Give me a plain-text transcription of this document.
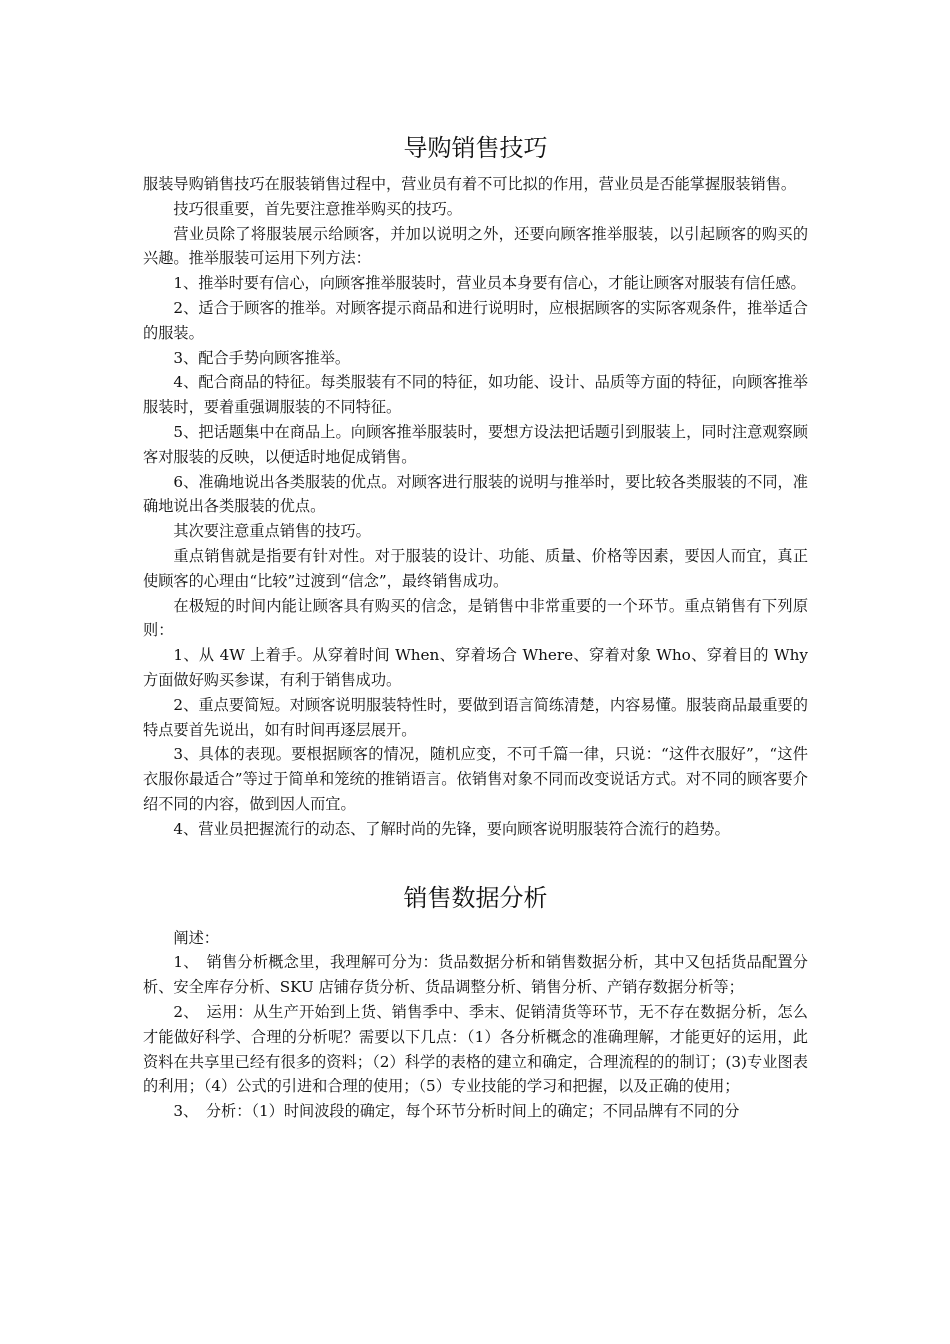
导购销售技巧

服装导购销售技巧在服装销售过程中，营业员有着不可比拟的作用，营业员是否能掌握服装销售。

技巧很重要，首先要注意推举购买的技巧。

营业员除了将服装展示给顾客，并加以说明之外，还要向顾客推举服装，以引起顾客的购买的兴趣。推举服装可运用下列方法：

1、推举时要有信心，向顾客推举服装时，营业员本身要有信心，才能让顾客对服装有信任感。

2、适合于顾客的推举。对顾客提示商品和进行说明时，应根据顾客的实际客观条件，推举适合的服装。

3、配合手势向顾客推举。

4、配合商品的特征。每类服装有不同的特征，如功能、设计、品质等方面的特征，向顾客推举服装时，要着重强调服装的不同特征。

5、把话题集中在商品上。向顾客推举服装时，要想方设法把话题引到服装上，同时注意观察顾客对服装的反映，以便适时地促成销售。

6、准确地说出各类服装的优点。对顾客进行服装的说明与推举时，要比较各类服装的不同，准确地说出各类服装的优点。

其次要注意重点销售的技巧。

重点销售就是指要有针对性。对于服装的设计、功能、质量、价格等因素，要因人而宜，真正使顾客的心理由“比较”过渡到“信念”，最终销售成功。

在极短的时间内能让顾客具有购买的信念，是销售中非常重要的一个环节。重点销售有下列原则：

1、从 4W 上着手。从穿着时间 When、穿着场合 Where、穿着对象 Who、穿着目的 Why 方面做好购买参谋，有利于销售成功。

2、重点要简短。对顾客说明服装特性时，要做到语言简练清楚，内容易懂。服装商品最重要的特点要首先说出，如有时间再逐层展开。

3、具体的表现。要根据顾客的情况，随机应变，不可千篇一律，只说：“这件衣服好”，“这件衣服你最适合”等过于简单和笼统的推销语言。依销售对象不同而改变说话方式。对不同的顾客要介绍不同的内容，做到因人而宜。

4、营业员把握流行的动态、了解时尚的先锋，要向顾客说明服装符合流行的趋势。

销售数据分析

阐述：

1、　销售分析概念里，我理解可分为：货品数据分析和销售数据分析，其中又包括货品配置分析、安全库存分析、SKU 店铺存货分析、货品调整分析、销售分析、产销存数据分析等；

2、　运用：从生产开始到上货、销售季中、季末、促销清货等环节，无不存在数据分析，怎么才能做好科学、合理的分析呢？需要以下几点：（1）各分析概念的准确理解，才能更好的运用，此资料在共享里已经有很多的资料；（2）科学的表格的建立和确定，合理流程的的制订；(3)专业图表的利用；（4）公式的引进和合理的使用；（5）专业技能的学习和把握，以及正确的使用；

3、　分析：（1）时间波段的确定，每个环节分析时间上的确定；不同品牌有不同的分
